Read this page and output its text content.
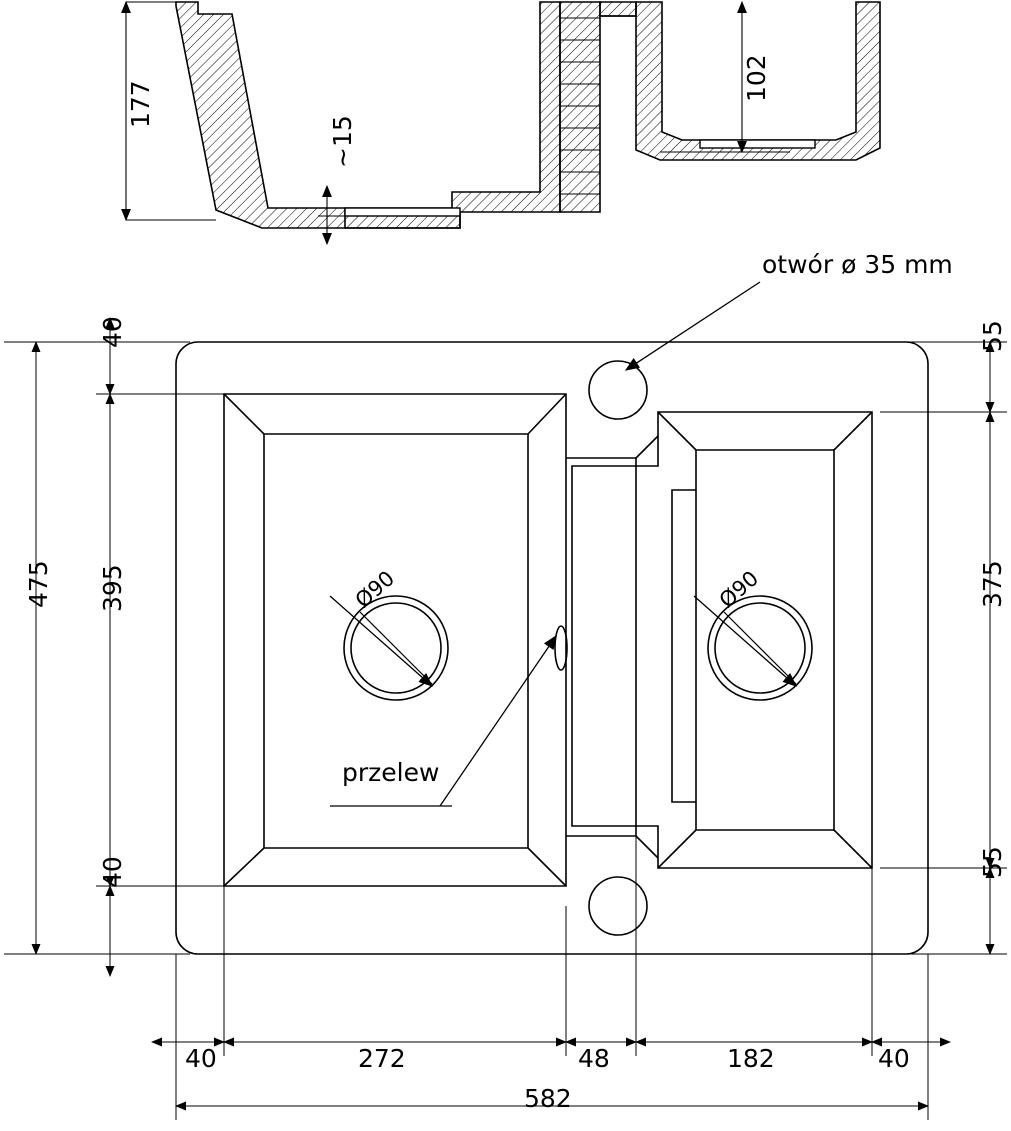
177
~15
102
otwór ø 35 mm
przelew
Ø90	Ø90
475 395
40
40
55
375
55
40	272	48	182	40
582
